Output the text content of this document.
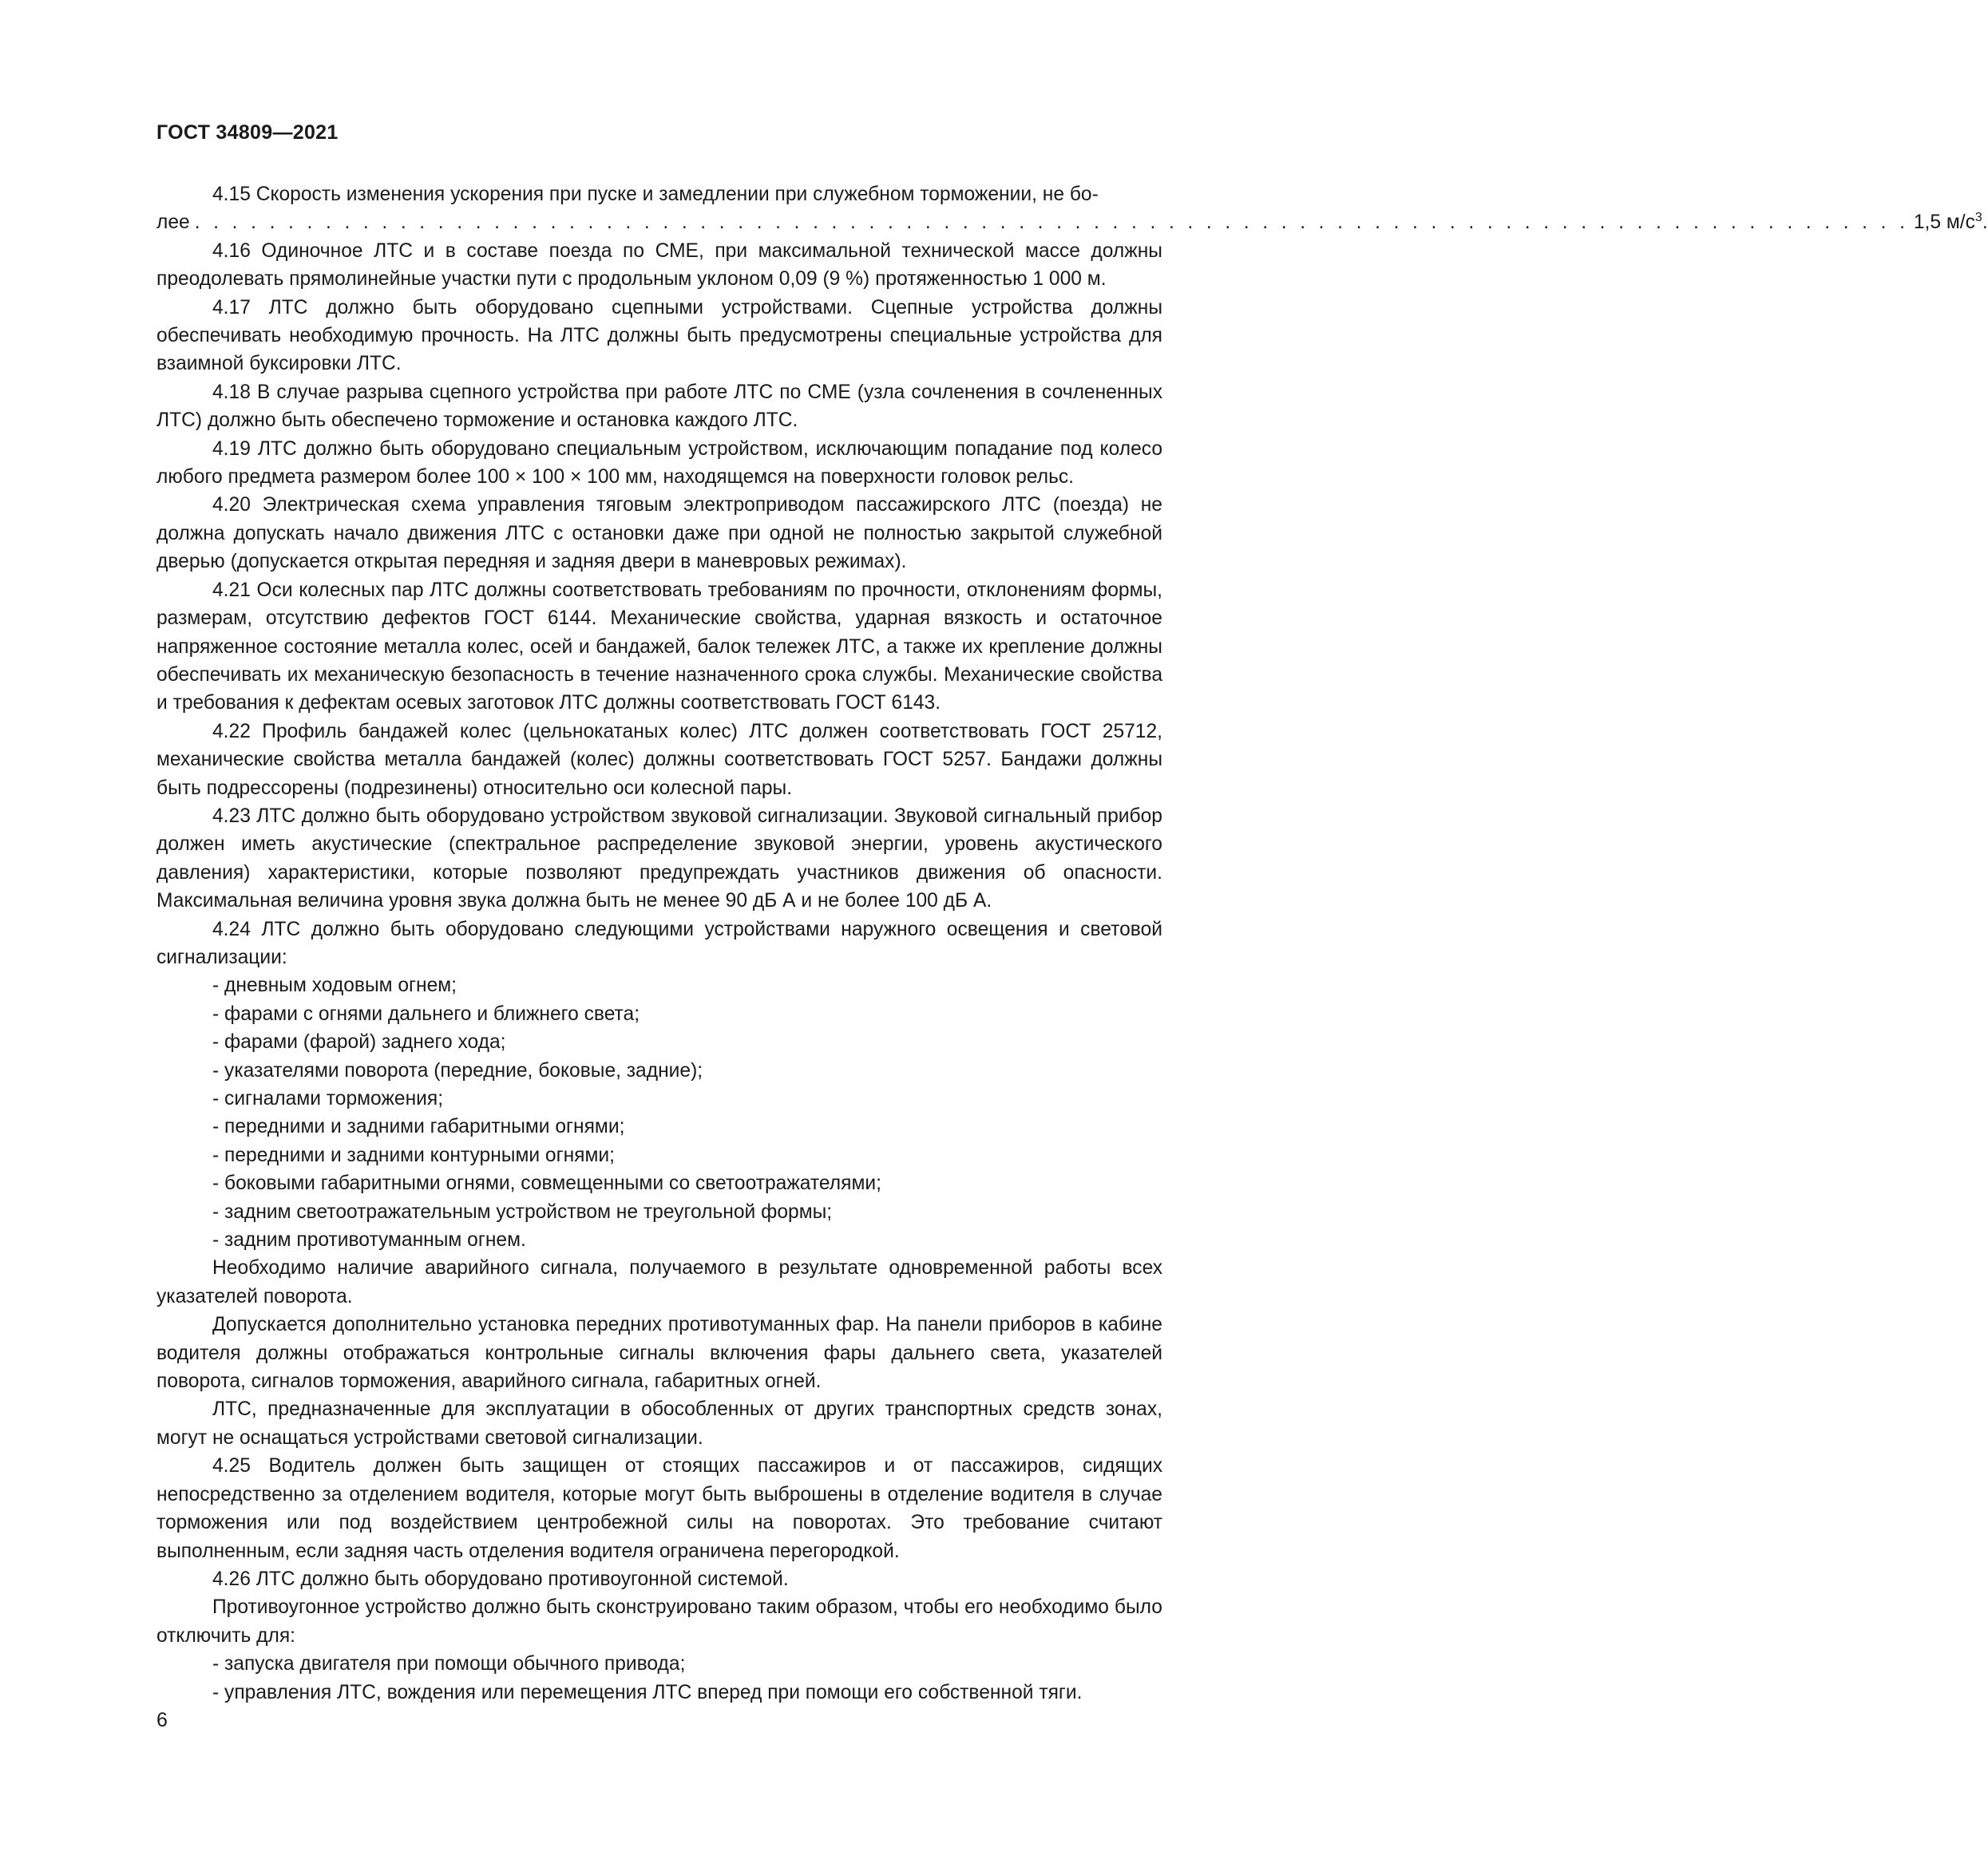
ГОСТ 34809—2021

4.15 Скорость изменения ускорения при пуске и замедлении при служебном торможении, не бо-

лее . . . . . . . . . . . . . . . . . . . . . . . . . . . . . . . . . . . . . . . . . . . . . . . . . . . . . . . . . . . . . . . . . . . . . . . . . . . . . . . . . . . . . . . . . . . . 1,5 $м/с^3$.

4.16 Одиночное ЛТС и в составе поезда по СМЕ, при максимальной технической массе должны преодолевать прямолинейные участки пути с продольным уклоном 0,09 (9 %) протяженностью 1 000 м.

4.17 ЛТС должно быть оборудовано сцепными устройствами. Сцепные устройства должны обеспечивать необходимую прочность. На ЛТС должны быть предусмотрены специальные устройства для взаимной буксировки ЛТС.

4.18 В случае разрыва сцепного устройства при работе ЛТС по СМЕ (узла сочленения в сочлененных ЛТС) должно быть обеспечено торможение и остановка каждого ЛТС.

4.19 ЛТС должно быть оборудовано специальным устройством, исключающим попадание под колесо любого предмета размером более 100 × 100 × 100 мм, находящемся на поверхности головок рельс.

4.20 Электрическая схема управления тяговым электроприводом пассажирского ЛТС (поезда) не должна допускать начало движения ЛТС с остановки даже при одной не полностью закрытой служебной дверью (допускается открытая передняя и задняя двери в маневровых режимах).

4.21 Оси колесных пар ЛТС должны соответствовать требованиям по прочности, отклонениям формы, размерам, отсутствию дефектов ГОСТ 6144. Механические свойства, ударная вязкость и остаточное напряженное состояние металла колес, осей и бандажей, балок тележек ЛТС, а также их крепление должны обеспечивать их механическую безопасность в течение назначенного срока службы. Механические свойства и требования к дефектам осевых заготовок ЛТС должны соответствовать ГОСТ 6143.

4.22 Профиль бандажей колес (цельнокатаных колес) ЛТС должен соответствовать ГОСТ 25712, механические свойства металла бандажей (колес) должны соответствовать ГОСТ 5257. Бандажи должны быть подрессорены (подрезинены) относительно оси колесной пары.

4.23 ЛТС должно быть оборудовано устройством звуковой сигнализации. Звуковой сигнальный прибор должен иметь акустические (спектральное распределение звуковой энергии, уровень акустического давления) характеристики, которые позволяют предупреждать участников движения об опасности. Максимальная величина уровня звука должна быть не менее 90 дБ А и не более 100 дБ А.

4.24 ЛТС должно быть оборудовано следующими устройствами наружного освещения и световой сигнализации:

- дневным ходовым огнем;

- фарами с огнями дальнего и ближнего света;

- фарами (фарой) заднего хода;

- указателями поворота (передние, боковые, задние);

- сигналами торможения;

- передними и задними габаритными огнями;

- передними и задними контурными огнями;

- боковыми габаритными огнями, совмещенными со светоотражателями;

- задним светоотражательным устройством не треугольной формы;

- задним противотуманным огнем.

Необходимо наличие аварийного сигнала, получаемого в результате одновременной работы всех указателей поворота.

Допускается дополнительно установка передних противотуманных фар. На панели приборов в кабине водителя должны отображаться контрольные сигналы включения фары дальнего света, указателей поворота, сигналов торможения, аварийного сигнала, габаритных огней.

ЛТС, предназначенные для эксплуатации в обособленных от других транспортных средств зонах, могут не оснащаться устройствами световой сигнализации.

4.25 Водитель должен быть защищен от стоящих пассажиров и от пассажиров, сидящих непосредственно за отделением водителя, которые могут быть выброшены в отделение водителя в случае торможения или под воздействием центробежной силы на поворотах. Это требование считают выполненным, если задняя часть отделения водителя ограничена перегородкой.

4.26 ЛТС должно быть оборудовано противоугонной системой.

Противоугонное устройство должно быть сконструировано таким образом, чтобы его необходимо было отключить для:

- запуска двигателя при помощи обычного привода;

- управления ЛТС, вождения или перемещения ЛТС вперед при помощи его собственной тяги.

6
